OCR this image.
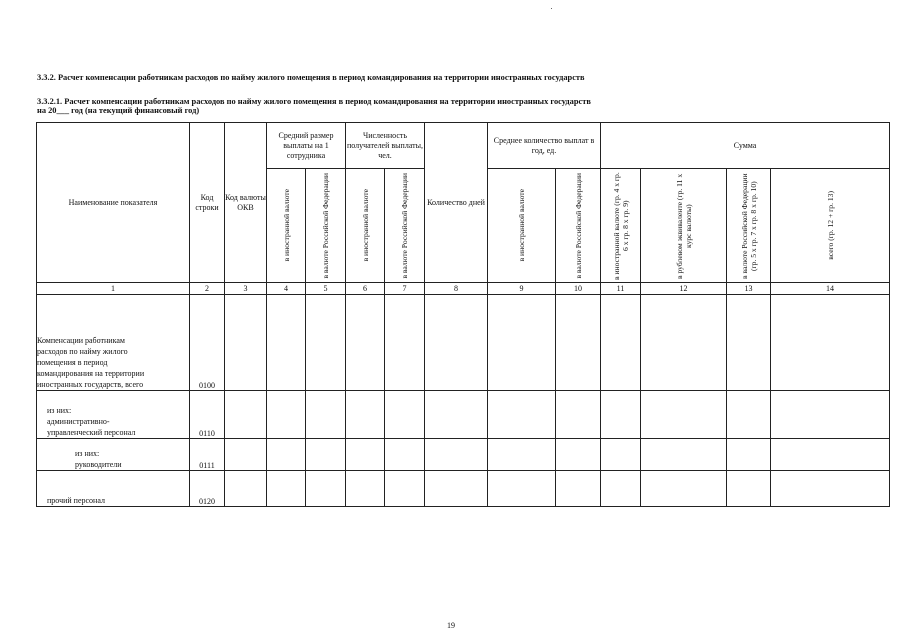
3.3.2. Расчет компенсации работникам расходов по найму жилого помещения в период командирования на территории иностранных государств
3.3.2.1. Расчет компенсации работникам расходов по найму жилого помещения в период командирования на территории иностранных государств
на 20___ год (на текущий финансовый год)
Наименование показателя	Код строки	Код валюты ОКВ	Средний размер выплаты на 1 сотрудника		Численность получателей выплаты, чел.		Количество дней	Среднее количество выплат в год, ед.		Сумма			

			в иностранной валюте	в валюте Российской Федерации	в иностранной валюте	в валюте Российской Федерации		в иностранной валюте	в валюте Российской Федерации	в иностранной валюте (гр. 4 х гр. 6 х гр. 8 х гр. 9)	в рублевом эквиваленте (гр. 11 х курс валюты)	в валюте Российской Федерации (гр. 5 х гр. 7 х гр. 8 х гр. 10)	всего (гр. 12 + гр. 13)

1	2	3	4	5	6	7	8	9	10	11	12	13	14

Компенсации работникам
расходов по найму жилого
помещения в период
командирования на территории
иностранных государств, всего	0100												

из них:
административно-
управленческий персонал	0110												

из них:
руководители	0111												

прочий персонал	0120												
19
